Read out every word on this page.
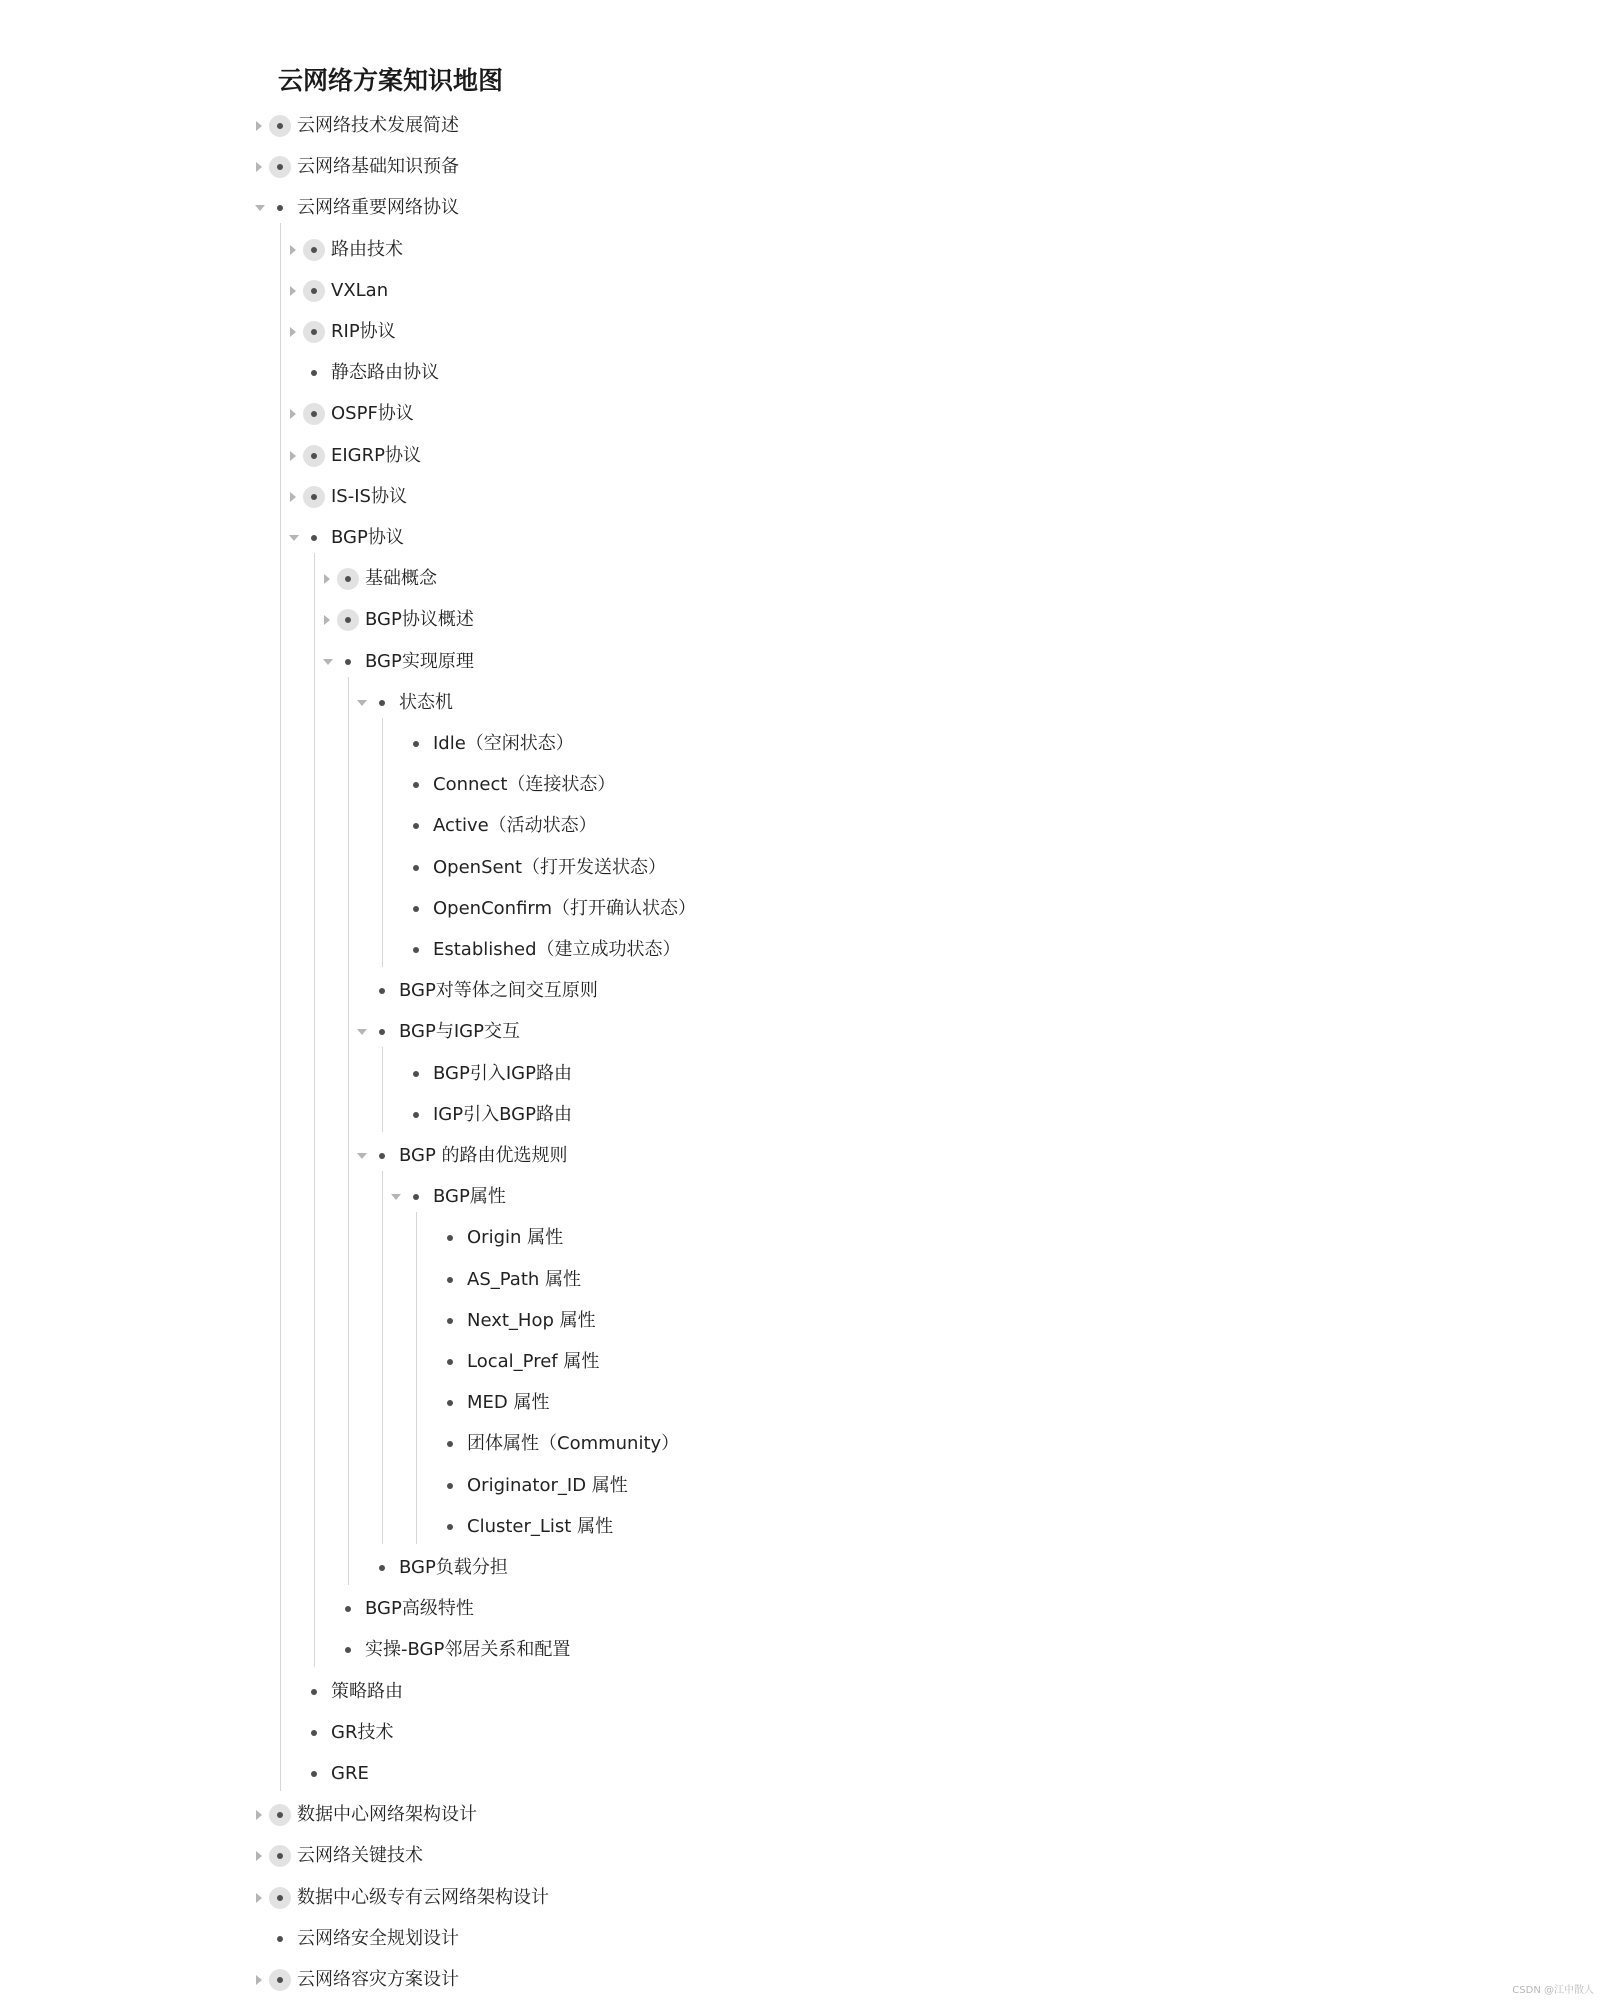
云网络方案知识地图
云网络技术发展简述
云网络基础知识预备
云网络重要网络协议
路由技术
VXLan
RIP协议
静态路由协议
OSPF协议
EIGRP协议
IS-IS协议
BGP协议
基础概念
BGP协议概述
BGP实现原理
状态机
Idle（空闲状态）
Connect（连接状态）
Active（活动状态）
OpenSent（打开发送状态）
OpenConfirm（打开确认状态）
Established（建立成功状态）
BGP对等体之间交互原则
BGP与IGP交互
BGP引入IGP路由
IGP引入BGP路由
BGP 的路由优选规则
BGP属性
Origin 属性
AS_Path 属性
Next_Hop 属性
Local_Pref 属性
MED 属性
团体属性（Community）
Originator_ID 属性
Cluster_List 属性
BGP负载分担
BGP高级特性
实操-BGP邻居关系和配置
策略路由
GR技术
GRE
数据中心网络架构设计
云网络关键技术
数据中心级专有云网络架构设计
云网络安全规划设计
云网络容灾方案设计
CSDN @江中散人
